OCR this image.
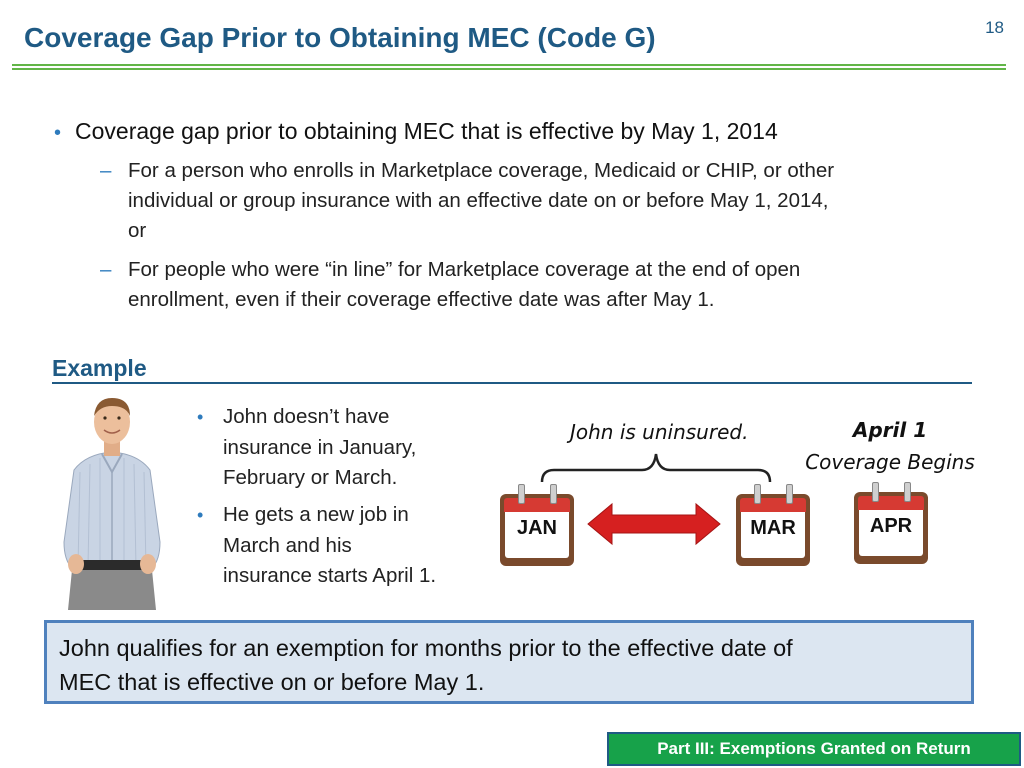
Coverage Gap Prior to Obtaining MEC (Code G)	18
• Coverage gap prior to obtaining MEC that is effective by May 1, 2014
– For a person who enrolls in Marketplace coverage, Medicaid or CHIP, or other
individual or group insurance with an effective date on or before May 1, 2014,
or
– For people who were “in line” for Marketplace coverage at the end of open
enrollment, even if their coverage effective date was after May 1.
Example
• John doesn’t have
insurance in January,
February or March.
• He gets a new job in
March and his
insurance starts April 1.
John is uninsured.	April 1
Coverage Begins
JAN	MAR	APR
John qualifies for an exemption for months prior to the effective date of
MEC that is effective on or before May 1.
Part III: Exemptions Granted on Return
